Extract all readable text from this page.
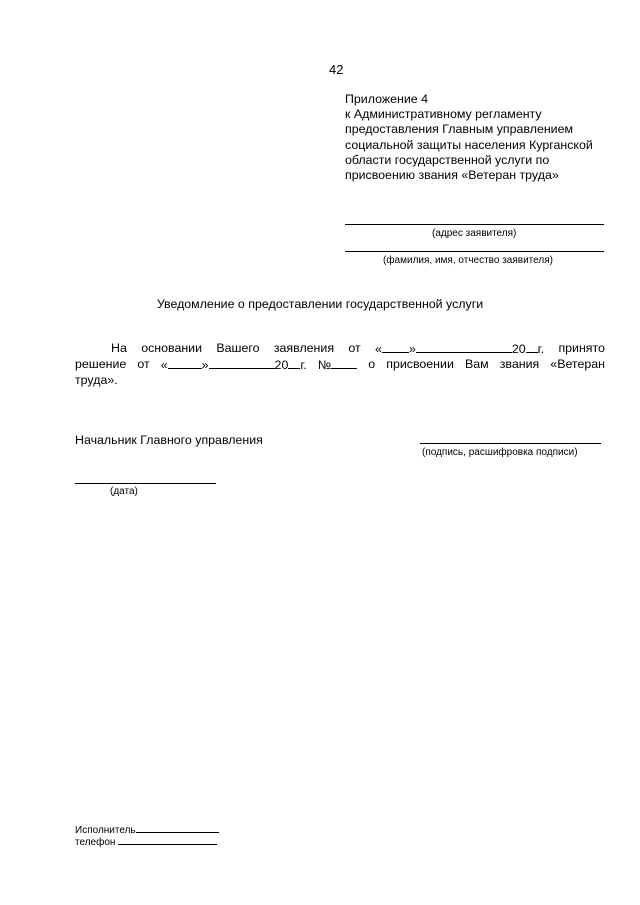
42
Приложение 4
к Административному регламенту
предоставления Главным управлением
социальной защиты населения Курганской
области государственной услуги по
присвоению звания «Ветеран труда»
(адрес заявителя)
(фамилия, имя, отчество заявителя)
Уведомление о предоставлении государственной услуги
На основании Вашего заявления от « »	20 г. принято
решение от «	»	20 г. №	о присвоении Вам звания «Ветеран
труда».
Начальник Главного управления
(подпись, расшифровка подписи)
(дата)
Исполнитель
телефон
